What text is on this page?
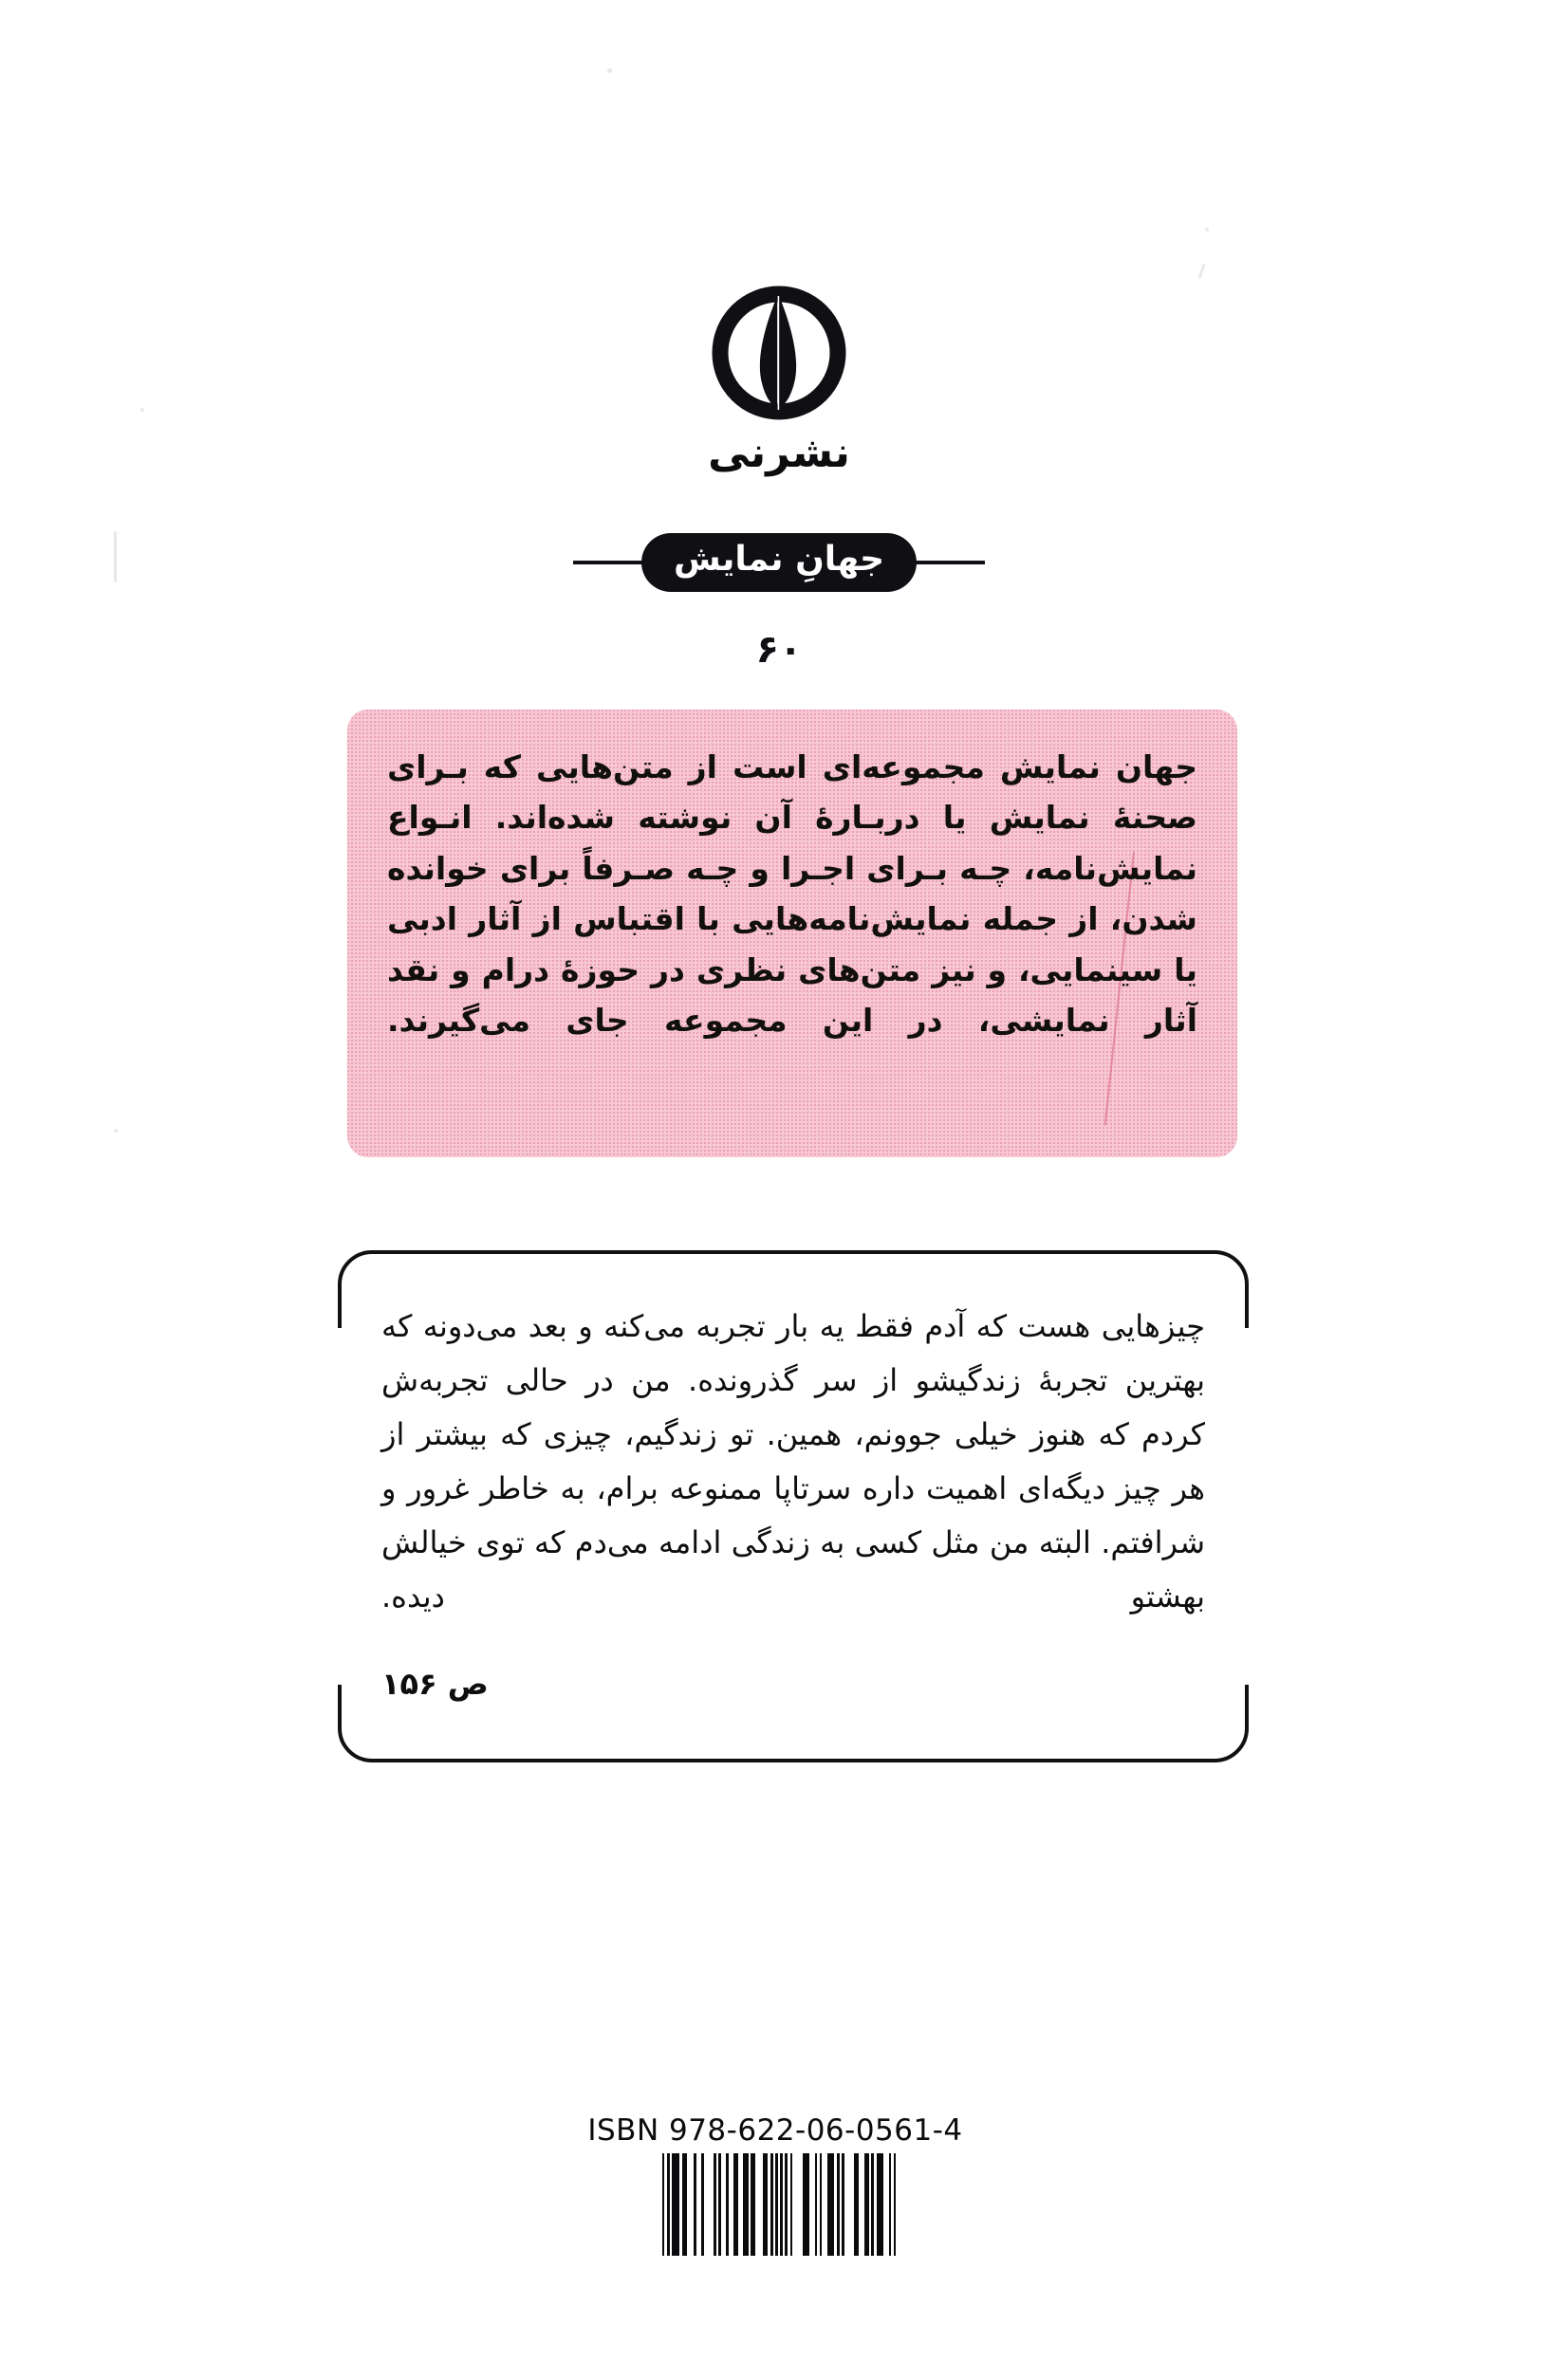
نشرنی
جهانِ نمایش
۶۰
جهان نمایش مجموعه‌ای است از متن‌هایی که بـرای صحنۀ نمایش یا دربـارۀ آن نوشته شده‌اند. انـواع نمایش‌نامه، چـه بـرای اجـرا و چـه صـرفاً برای خوانده شدن، از جمله نمایش‌نامه‌هایی با اقتباس از آثار ادبی یا سینمایی، و نیز متن‌های نظری در حوزۀ درام و نقد آثار نمایشی، در این مجموعه جای می‌گیرند.
چیزهایی هست که آدم فقط یه بار تجربه می‌کنه و بعد می‌دونه که بهترین تجربۀ زندگیشو از سر گذرونده. من در حالی تجربه‌ش کردم که هنوز خیلی جوونم، همین. تو زندگیم، چیزی که بیشتر از هر چیز دیگه‌ای اهمیت داره سرتاپا ممنوعه برام، به خاطر غرور و شرافتم. البته من مثل کسی به زندگی ادامه می‌دم که توی خیالش بهشتو دیده.
ص ۱۵۶
ISBN 978-622-06-0561-4
